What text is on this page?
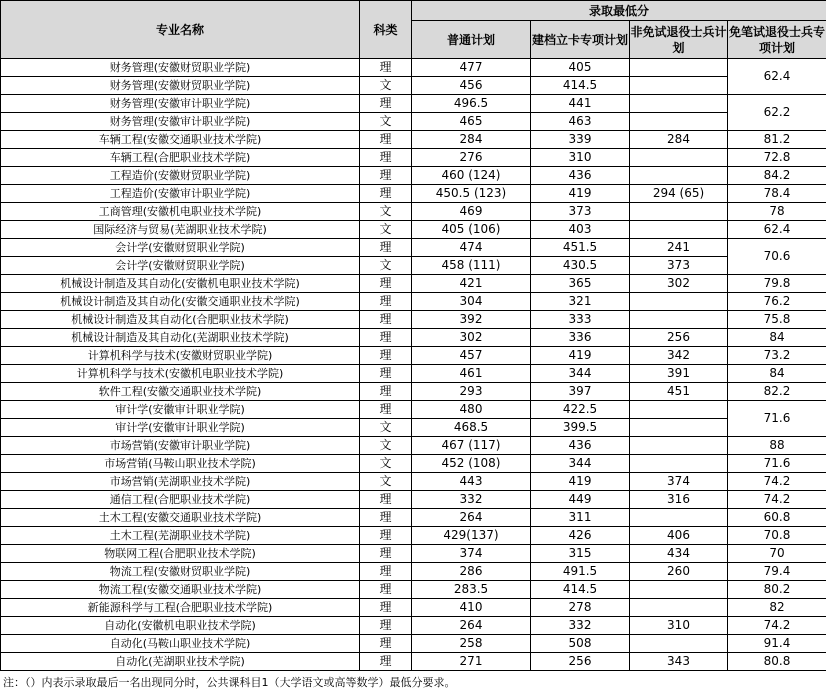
专业名称	科类	录取最低分			
		普通计划	建档立卡专项计划	非免试退役士兵计划	免笔试退役士兵专项计划
财务管理(安徽财贸职业学院)	理	477	405		62.4
财务管理(安徽财贸职业学院)	文	456	414.5		
财务管理(安徽审计职业学院)	理	496.5	441		62.2
财务管理(安徽审计职业学院)	文	465	463		
车辆工程(安徽交通职业技术学院)	理	284	339	284	81.2
车辆工程(合肥职业技术学院)	理	276	310		72.8
工程造价(安徽财贸职业学院)	理	460 (124)	436		84.2
工程造价(安徽审计职业学院)	理	450.5 (123)	419	294 (65)	78.4
工商管理(安徽机电职业技术学院)	文	469	373		78
国际经济与贸易(芜湖职业技术学院)	文	405 (106)	403		62.4
会计学(安徽财贸职业学院)	理	474	451.5	241	70.6
会计学(安徽财贸职业学院)	文	458 (111)	430.5	373	
机械设计制造及其自动化(安徽机电职业技术学院)	理	421	365	302	79.8
机械设计制造及其自动化(安徽交通职业技术学院)	理	304	321		76.2
机械设计制造及其自动化(合肥职业技术学院)	理	392	333		75.8
机械设计制造及其自动化(芜湖职业技术学院)	理	302	336	256	84
计算机科学与技术(安徽财贸职业学院)	理	457	419	342	73.2
计算机科学与技术(安徽机电职业技术学院)	理	461	344	391	84
软件工程(安徽交通职业技术学院)	理	293	397	451	82.2
审计学(安徽审计职业学院)	理	480	422.5		71.6
审计学(安徽审计职业学院)	文	468.5	399.5		
市场营销(安徽审计职业学院)	文	467 (117)	436		88
市场营销(马鞍山职业技术学院)	文	452 (108)	344		71.6
市场营销(芜湖职业技术学院)	文	443	419	374	74.2
通信工程(合肥职业技术学院)	理	332	449	316	74.2
土木工程(安徽交通职业技术学院)	理	264	311		60.8
土木工程(芜湖职业技术学院)	理	429(137)	426	406	70.8
物联网工程(合肥职业技术学院)	理	374	315	434	70
物流工程(安徽财贸职业学院)	理	286	491.5	260	79.4
物流工程(安徽交通职业技术学院)	理	283.5	414.5		80.2
新能源科学与工程(合肥职业技术学院)	理	410	278		82
自动化(安徽机电职业技术学院)	理	264	332	310	74.2
自动化(马鞍山职业技术学院)	理	258	508		91.4
自动化(芜湖职业技术学院)	理	271	256	343	80.8
注：（）内表示录取最后一名出现同分时，公共课科目1（大学语文或高等数学）最低分要求。
